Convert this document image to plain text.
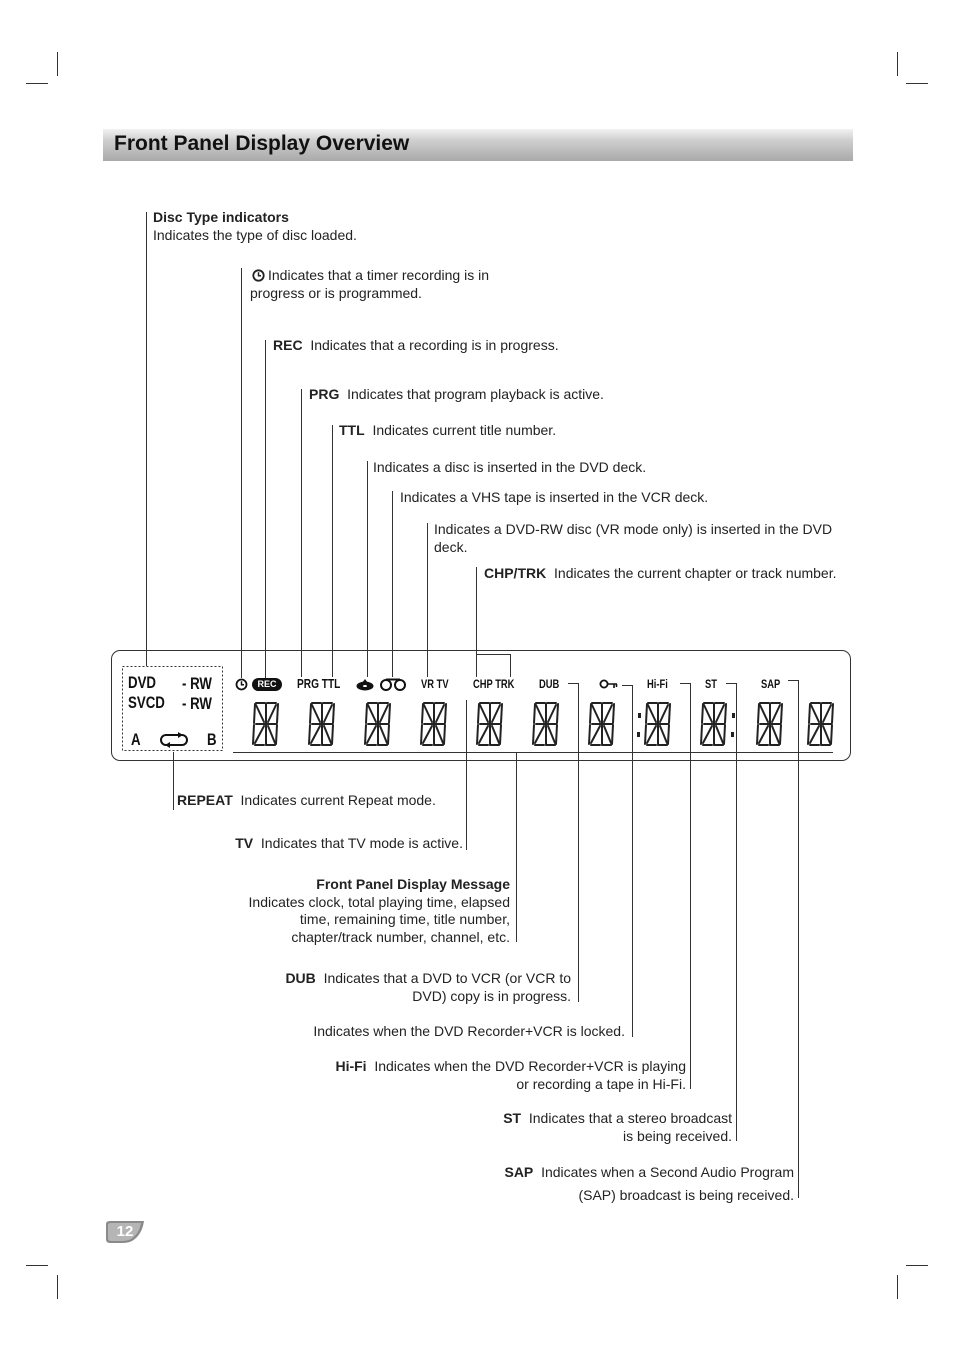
Front Panel Display Overview
Disc Type indicators
Indicates the type of disc loaded.
Indicates that a timer recording is in
progress or is programmed.
REC Indicates that a recording is in progress.
PRG Indicates that program playback is active.
TTL Indicates current title number.
Indicates a disc is inserted in the DVD deck.
Indicates a VHS tape is inserted in the VCR deck.
Indicates a DVD-RW disc (VR mode only) is inserted in the DVD
deck.
CHP/TRK Indicates the current chapter or track number.
DVD
SVCD
- RW
- RW
A	B
REC	PRG TTL	VR TV	CHP TRK	DUB	Hi-Fi	ST	SAP
REPEAT Indicates current Repeat mode.
TV Indicates that TV mode is active.
Front Panel Display Message
Indicates clock, total playing time, elapsed
time, remaining time, title number,
chapter/track number, channel, etc.
DUB Indicates that a DVD to VCR (or VCR to
DVD) copy is in progress.
Indicates when the DVD Recorder+VCR is locked.
Hi-Fi Indicates when the DVD Recorder+VCR is playing
or recording a tape in Hi-Fi.
ST Indicates that a stereo broadcast
is being received.
SAP Indicates when a Second Audio Program
(SAP) broadcast is being received.
12
